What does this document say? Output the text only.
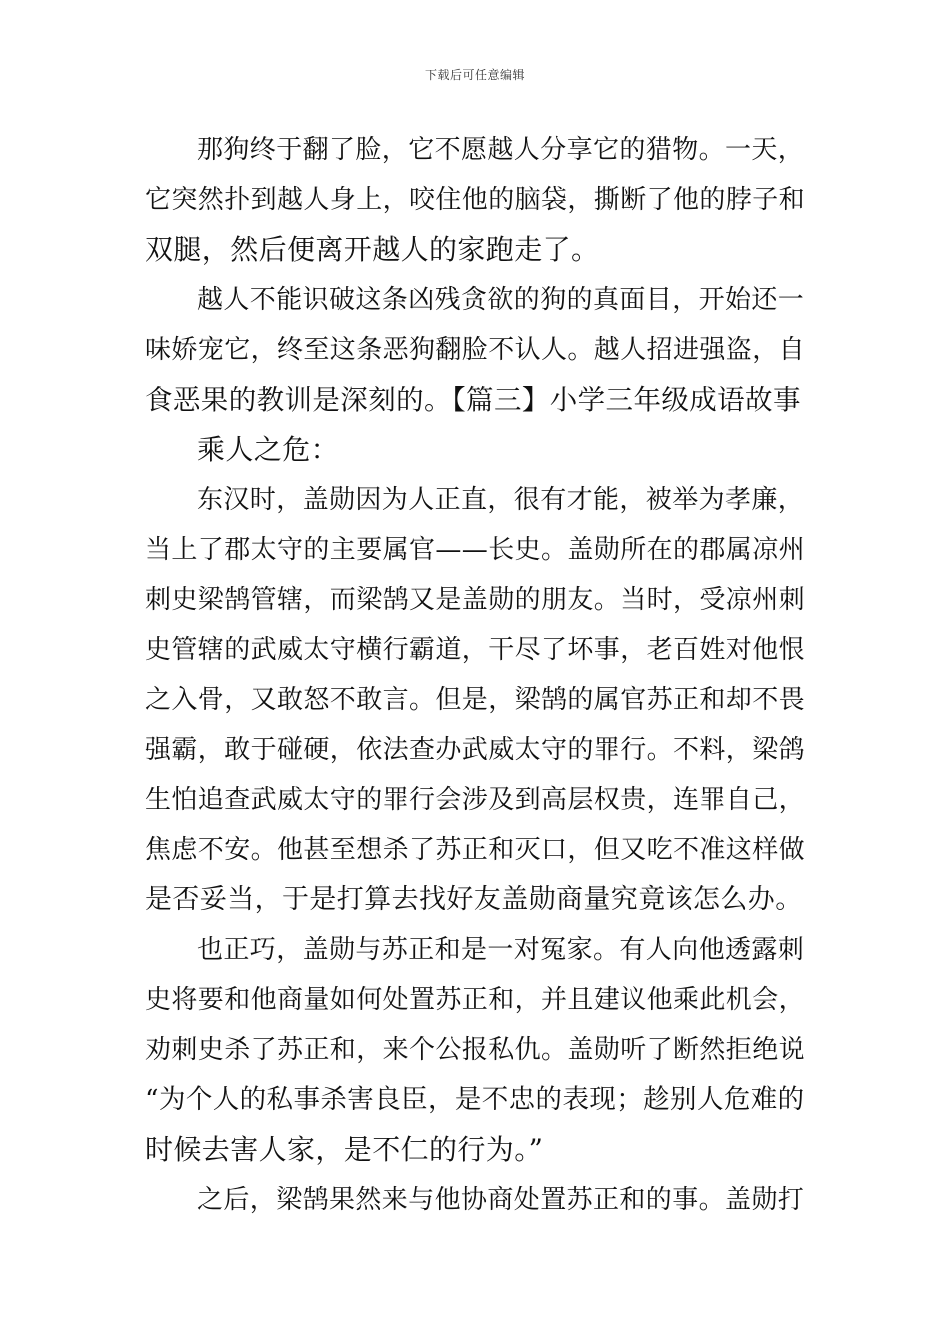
下载后可任意编辑
那狗终于翻了脸，它不愿越人分享它的猎物。一天，
它突然扑到越人身上，咬住他的脑袋，撕断了他的脖子和
双腿，然后便离开越人的家跑走了。
越人不能识破这条凶残贪欲的狗的真面目，开始还一
味娇宠它，终至这条恶狗翻脸不认人。越人招进强盗，自
食恶果的教训是深刻的。【篇三】小学三年级成语故事
乘人之危：
东汉时，盖勋因为人正直，很有才能，被举为孝廉，
当上了郡太守的主要属官——长史。盖勋所在的郡属凉州
刺史梁鹄管辖，而梁鹄又是盖勋的朋友。当时，受凉州刺
史管辖的武威太守横行霸道，干尽了坏事，老百姓对他恨
之入骨，又敢怒不敢言。但是，梁鹄的属官苏正和却不畏
强霸，敢于碰硬，依法查办武威太守的罪行。不料，梁鸽
生怕追查武威太守的罪行会涉及到高层权贵，连罪自己，
焦虑不安。他甚至想杀了苏正和灭口，但又吃不准这样做
是否妥当，于是打算去找好友盖勋商量究竟该怎么办。
也正巧，盖勋与苏正和是一对冤家。有人向他透露刺
史将要和他商量如何处置苏正和，并且建议他乘此机会，
劝刺史杀了苏正和，来个公报私仇。盖勋听了断然拒绝说
“为个人的私事杀害良臣，是不忠的表现；趁别人危难的
时候去害人家，是不仁的行为。”
之后，梁鹄果然来与他协商处置苏正和的事。盖勋打
